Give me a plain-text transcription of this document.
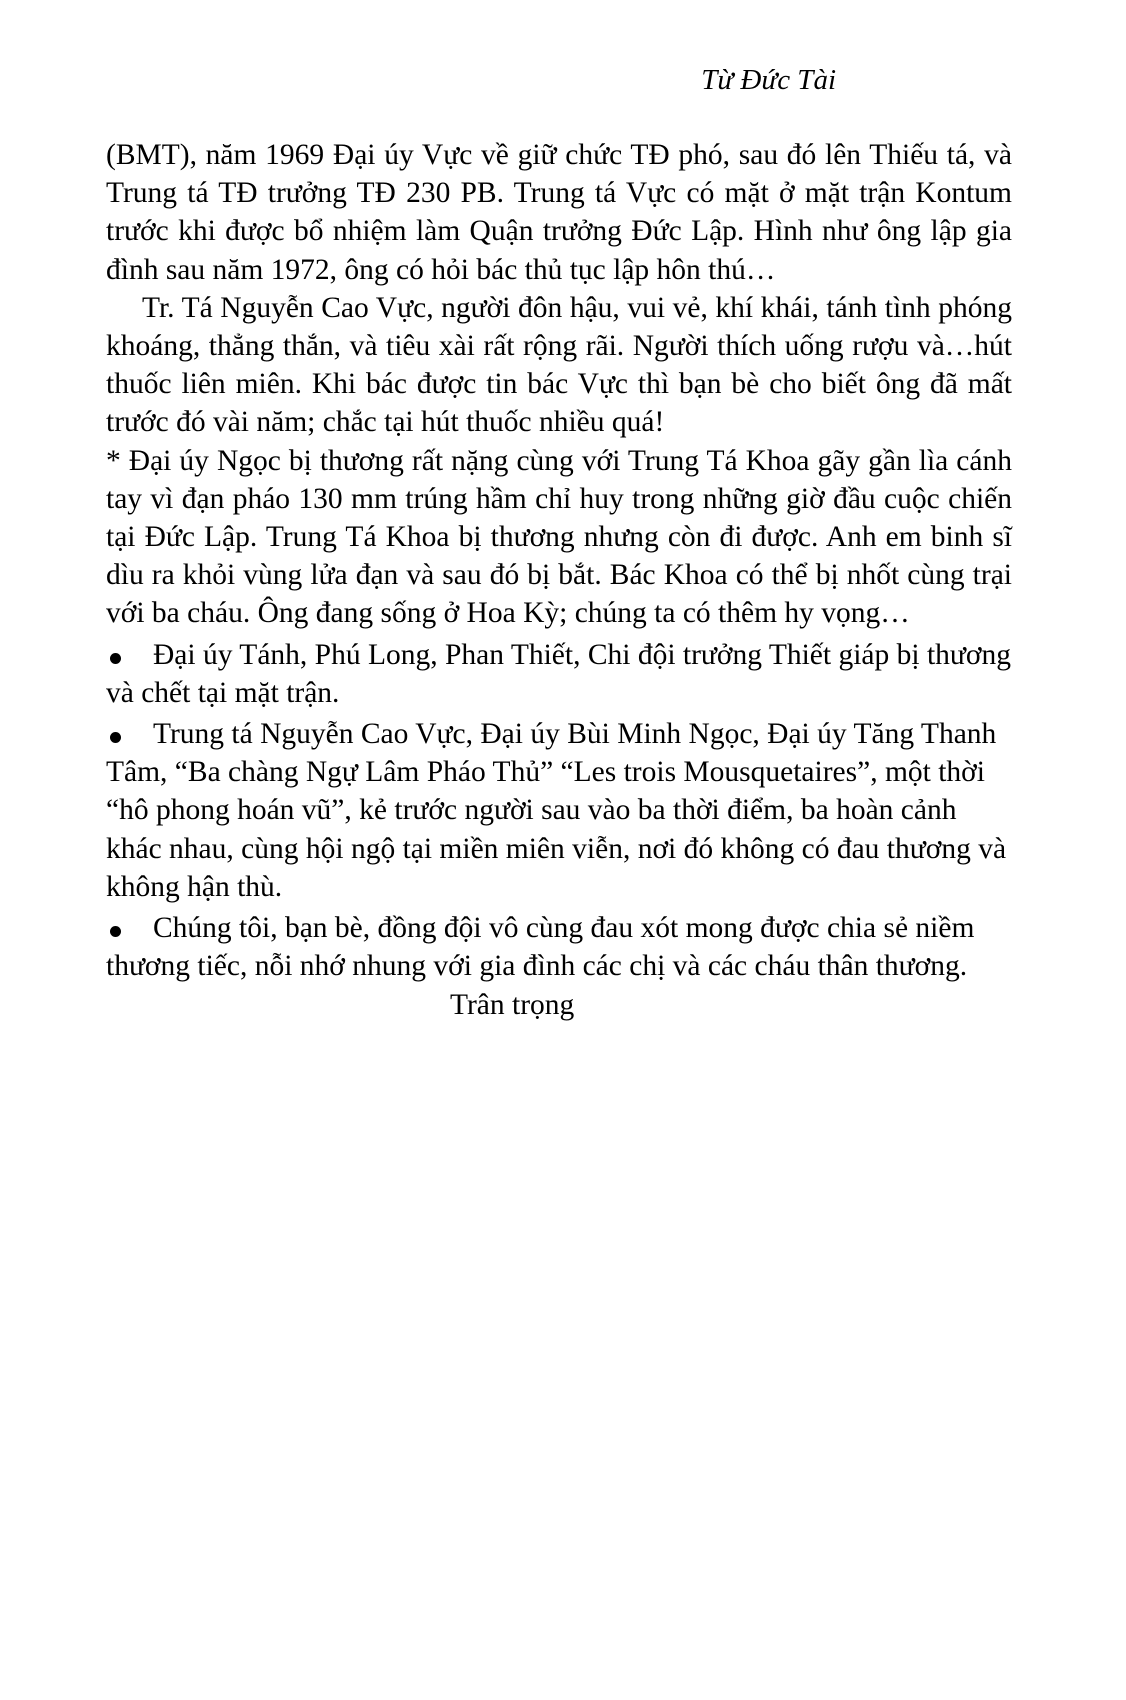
Từ Đức Tài

(BMT), năm 1969 Đại úy Vực về giữ chức TĐ phó, sau đó lên Thiếu tá, và Trung tá TĐ trưởng TĐ 230 PB. Trung tá Vực có mặt ở mặt trận Kontum trước khi được bổ nhiệm làm Quận trưởng Đức Lập. Hình như ông lập gia đình sau năm 1972, ông có hỏi bác thủ tục lập hôn thú…

Tr. Tá Nguyễn Cao Vực, người đôn hậu, vui vẻ, khí khái, tánh tình phóng khoáng, thẳng thắn, và tiêu xài rất rộng rãi. Người thích uống rượu và…hút thuốc liên miên. Khi bác được tin bác Vực thì bạn bè cho biết ông đã mất trước đó vài năm; chắc tại hút thuốc nhiều quá!

* Đại úy Ngọc bị thương rất nặng cùng với Trung Tá Khoa gãy gần lìa cánh tay vì đạn pháo 130 mm trúng hầm chỉ huy trong những giờ đầu cuộc chiến tại Đức Lập. Trung Tá Khoa bị thương nhưng còn đi được. Anh em binh sĩ dìu ra khỏi vùng lửa đạn và sau đó bị bắt. Bác Khoa có thể bị nhốt cùng trại với ba cháu. Ông đang sống ở Hoa Kỳ; chúng ta có thêm hy vọng…

Đại úy Tánh, Phú Long, Phan Thiết, Chi đội trưởng Thiết giáp bị thương và chết tại mặt trận.
Trung tá Nguyễn Cao Vực, Đại úy Bùi Minh Ngọc, Đại úy Tăng Thanh Tâm, “Ba chàng Ngự Lâm Pháo Thủ” “Les trois Mousquetaires”, một thời “hô phong hoán vũ”, kẻ trước người sau vào ba thời điểm, ba hoàn cảnh khác nhau, cùng hội ngộ tại miền miên viễn, nơi đó không có đau thương và không hận thù.
Chúng tôi, bạn bè, đồng đội vô cùng đau xót mong được chia sẻ niềm thương tiếc, nỗi nhớ nhung với gia đình các chị và các cháu thân thương.

Trân trọng
